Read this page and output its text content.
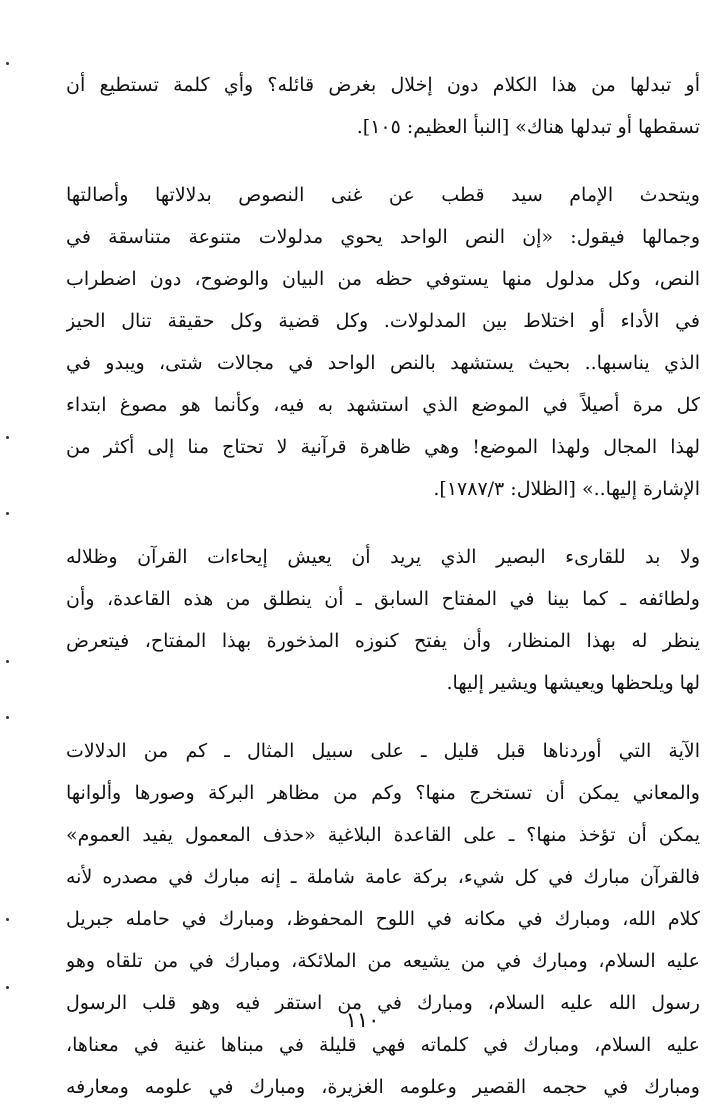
أو تبدلها من هذا الكلام دون إخلال بغرض قائله؟ وأي كلمة تستطيع أن
تسقطها أو تبدلها هناك» [النبأ العظيم: ١٠٥].
ويتحدث الإمام سيد قطب عن غنى النصوص بدلالاتها وأصالتها
وجمالها فيقول: «إن النص الواحد يحوي مدلولات متنوعة متناسقة في
النص، وكل مدلول منها يستوفي حظه من البيان والوضوح، دون اضطراب
في الأداء أو اختلاط بين المدلولات. وكل قضية وكل حقيقة تنال الحيز
الذي يناسبها.. بحيث يستشهد بالنص الواحد في مجالات شتى، ويبدو في
كل مرة أصيلاً في الموضع الذي استشهد به فيه، وكأنما هو مصوغ ابتداء
لهذا المجال ولهذا الموضع! وهي ظاهرة قرآنية لا تحتاج منا إلى أكثر من
الإشارة إليها..» [الظلال: ١٧٨٧/٣].
ولا بد للقارىء البصير الذي يريد أن يعيش إيحاءات القرآن وظلاله
ولطائفه ـ كما بينا في المفتاح السابق ـ أن ينطلق من هذه القاعدة، وأن
ينظر له بهذا المنظار، وأن يفتح كنوزه المذخورة بهذا المفتاح، فيتعرض
لها ويلحظها ويعيشها ويشير إليها.
الآية التي أوردناها قبل قليل ـ على سبيل المثال ـ كم من الدلالات
والمعاني يمكن أن تستخرج منها؟ وكم من مظاهر البركة وصورها وألوانها
يمكن أن تؤخذ منها؟ ـ على القاعدة البلاغية «حذف المعمول يفيد العموم»
فالقرآن مبارك في كل شيء، بركة عامة شاملة ـ إنه مبارك في مصدره لأنه
كلام الله، ومبارك في مكانه في اللوح المحفوظ، ومبارك في حامله جبريل
عليه السلام، ومبارك في من يشيعه من الملائكة، ومبارك في من تلقاه وهو
رسول الله عليه السلام، ومبارك في من استقر فيه وهو قلب الرسول
عليه السلام، ومبارك في كلماته فهي قليلة في مبناها غنية في معناها،
ومبارك في حجمه القصير وعلومه الغزيرة، ومبارك في علومه ومعارفه
١١٠
